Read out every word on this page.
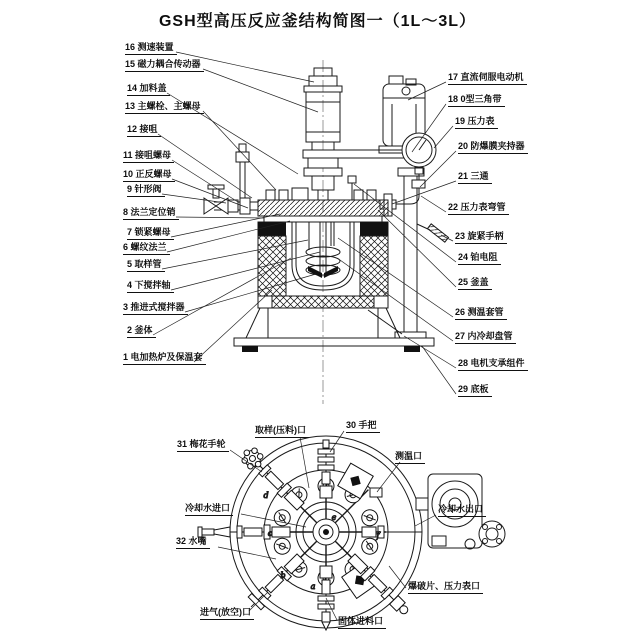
GSH型高压反应釜结构简图一（1L～3L）
a
b
c
d
e
f
16 测速装置
15 磁力耦合传动器
14 加料盖
13 主螺栓、主螺母
12 接咀
11 接咀螺母
10 正反螺母
9 针形阀
8 法兰定位销
7 锁紧螺母
6 螺纹法兰
5 取样管
4 下搅拌轴
3 推进式搅拌器
2 釜体
1 电加热炉及保温套
17 直流伺服电动机
18 0型三角带
19 压力表
20 防爆膜夹持器
21 三通
22 压力表弯管
23 旋紧手柄
24 铂电阻
25 釜盖
26 测温套管
27 内冷却盘管
28 电机支承组件
29 底板
取样(压料)口	30 手把
31 梅花手轮
测温口
冷却水进口	冷却水出口
32 水嘴
进气(放空)口
固体进料口
爆破片、压力表口
